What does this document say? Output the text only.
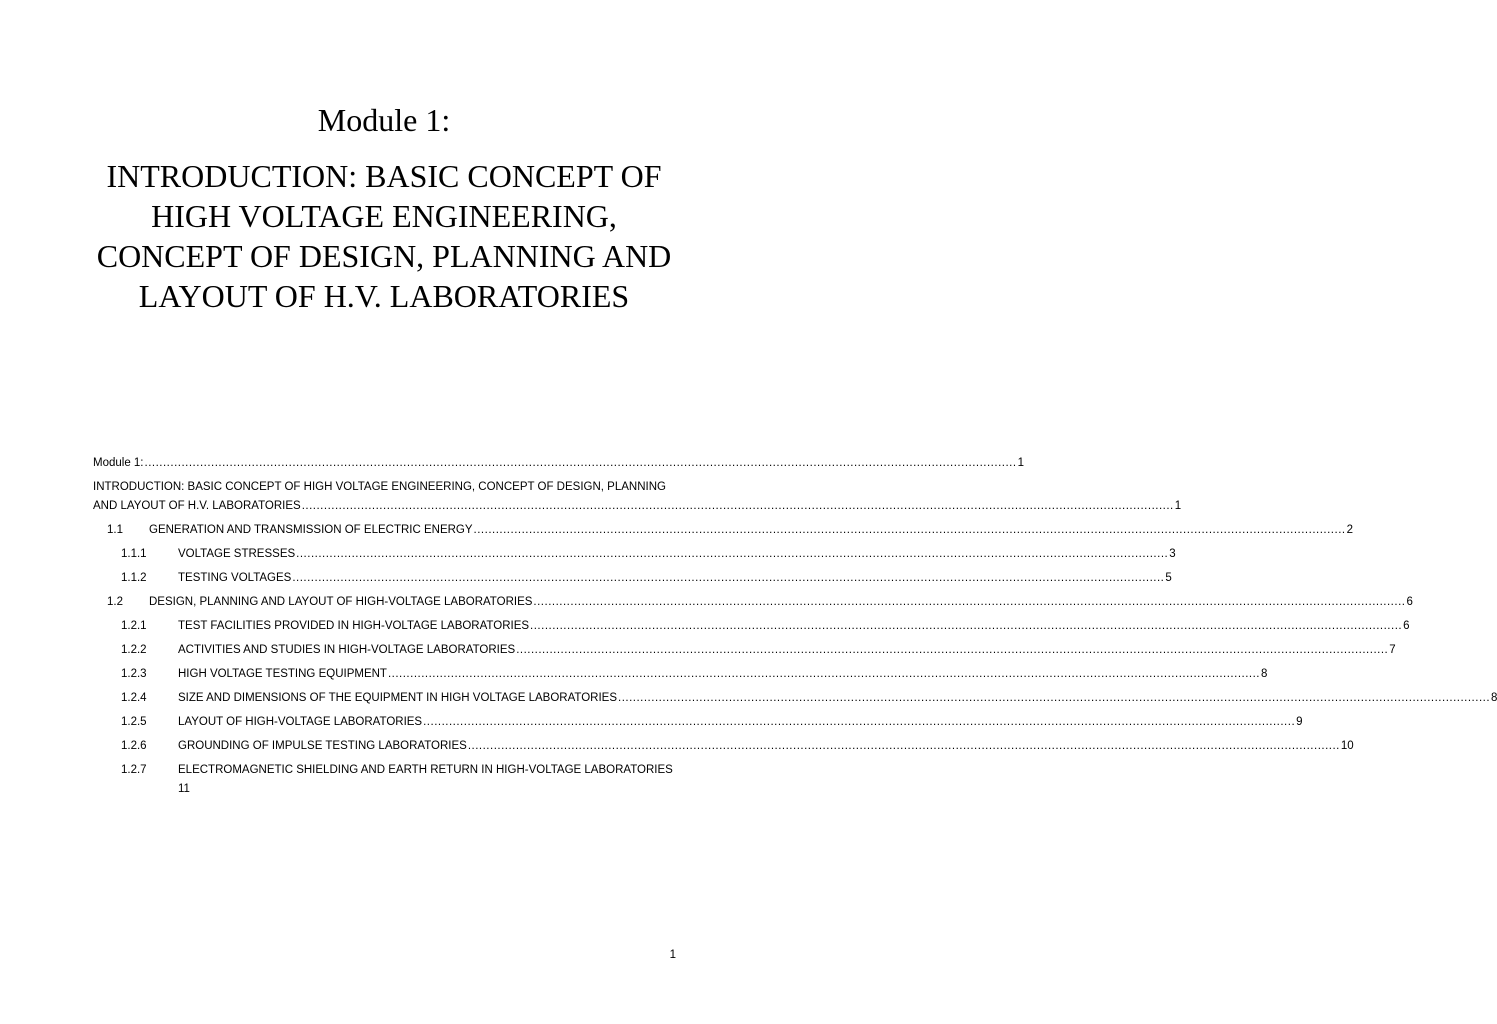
Module 1:
INTRODUCTION: BASIC CONCEPT OF HIGH VOLTAGE ENGINEERING, CONCEPT OF DESIGN, PLANNING AND LAYOUT OF H.V. LABORATORIES
Module 1: .....	1
INTRODUCTION: BASIC CONCEPT OF HIGH VOLTAGE ENGINEERING, CONCEPT OF DESIGN, PLANNING
AND LAYOUT OF H.V. LABORATORIES .....	1
1.1	GENERATION AND TRANSMISSION OF ELECTRIC ENERGY .....	2
1.1.1	VOLTAGE STRESSES .....	3
1.1.2	TESTING VOLTAGES .....	5
1.2	DESIGN, PLANNING AND LAYOUT OF HIGH-VOLTAGE LABORATORIES .....	6
1.2.1	TEST FACILITIES PROVIDED IN HIGH-VOLTAGE LABORATORIES .....	6
1.2.2	ACTIVITIES AND STUDIES IN HIGH-VOLTAGE LABORATORIES .....	7
1.2.3	HIGH VOLTAGE TESTING EQUIPMENT .....	8
1.2.4	SIZE AND DIMENSIONS OF THE EQUIPMENT IN HIGH VOLTAGE LABORATORIES .....	8
1.2.5	LAYOUT OF HIGH-VOLTAGE LABORATORIES .....	9
1.2.6	GROUNDING OF IMPULSE TESTING LABORATORIES .....	10
1.2.7	ELECTROMAGNETIC SHIELDING AND EARTH RETURN IN HIGH-VOLTAGE LABORATORIES
11
1
